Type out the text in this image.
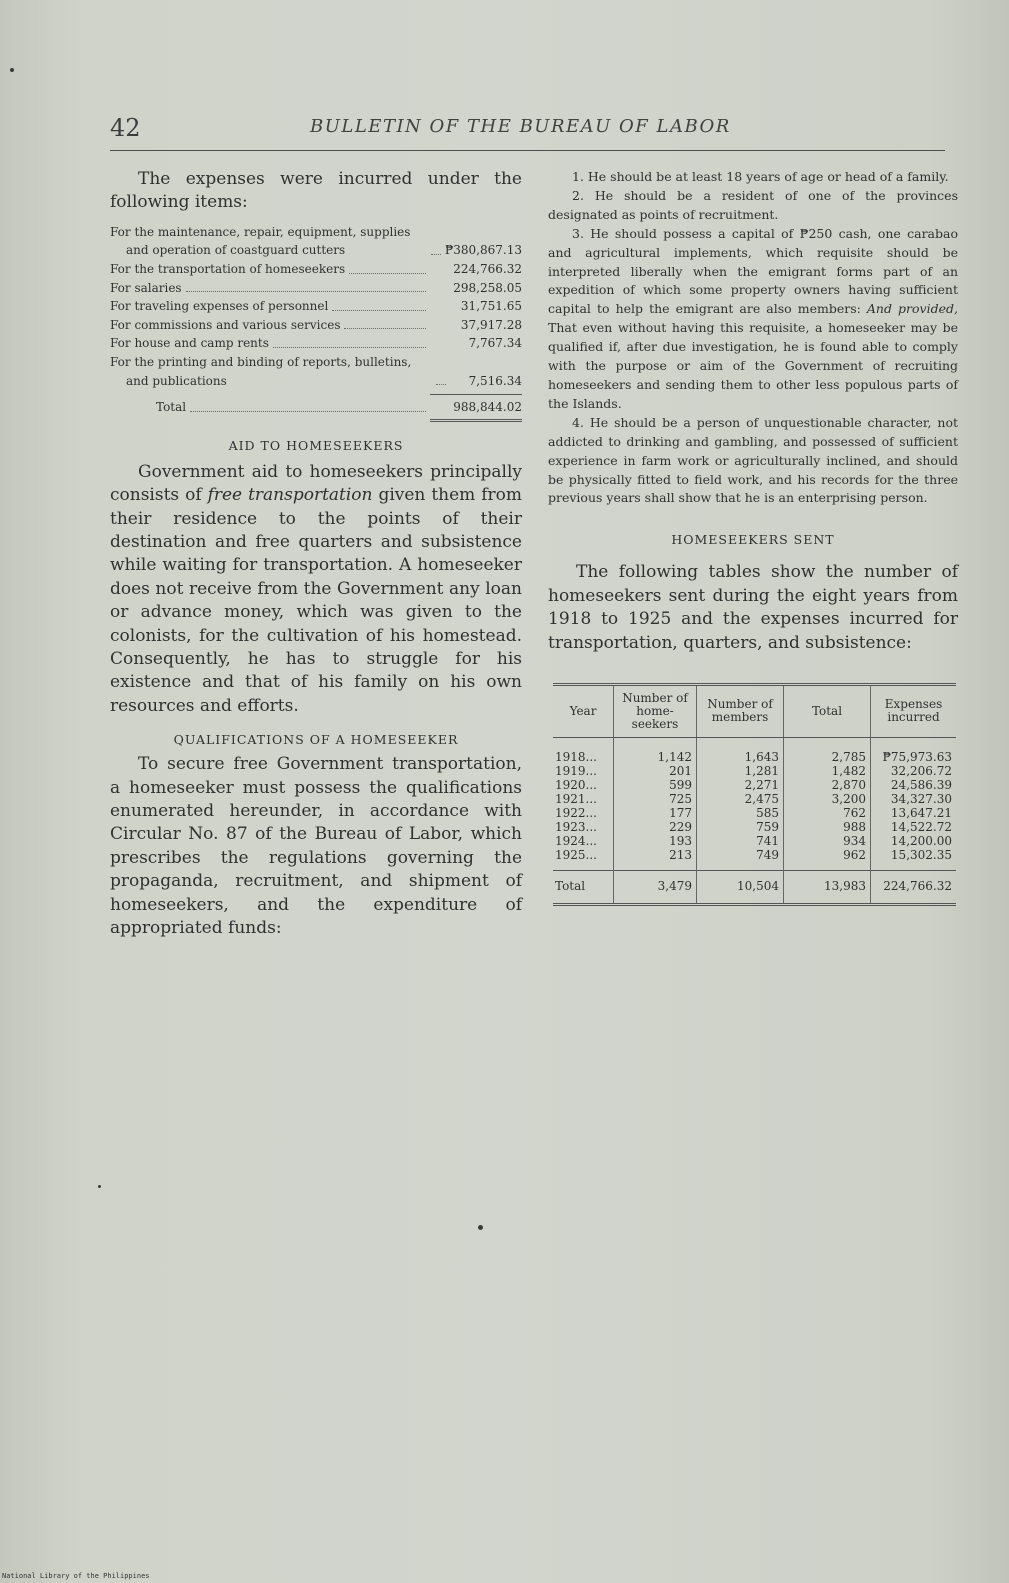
42	BULLETIN OF THE BUREAU OF LABOR

The expenses were incurred under the following items:

For the maintenance, repair, equipment, supplies and operation of coastguard cutters	₱380,867.13
For the transportation of homeseekers	224,766.32
For salaries	298,258.05
For traveling expenses of personnel	31,751.65
For commissions and various services	37,917.28
For house and camp rents	7,767.34
For the printing and binding of reports, bulletins, and publications	7,516.34
Total	988,844.02

AID TO HOMESEEKERS

Government aid to homeseekers principally consists of free transportation given them from their residence to the points of their destination and free quarters and subsistence while waiting for transportation. A homeseeker does not receive from the Government any loan or advance money, which was given to the colonists, for the cultivation of his homestead. Consequently, he has to struggle for his existence and that of his family on his own resources and efforts.

QUALIFICATIONS OF A HOMESEEKER

To secure free Government transportation, a homeseeker must possess the qualifications enumerated hereunder, in accordance with Circular No. 87 of the Bureau of Labor, which prescribes the regulations governing the propaganda, recruitment, and shipment of homeseekers, and the expenditure of appropriated funds:

1. He should be at least 18 years of age or head of a family.

2. He should be a resident of one of the provinces designated as points of recruitment.

3. He should possess a capital of ₱250 cash, one carabao and agricultural implements, which requisite should be interpreted liberally when the emigrant forms part of an expedition of which some property owners having sufficient capital to help the emigrant are also members: And provided, That even without having this requisite, a homeseeker may be qualified if, after due investigation, he is found able to comply with the purpose or aim of the Government of recruiting homeseekers and sending them to other less populous parts of the Islands.

4. He should be a person of unquestionable character, not addicted to drinking and gambling, and possessed of sufficient experience in farm work or agriculturally inclined, and should be physically fitted to field work, and his records for the three previous years shall show that he is an enterprising person.

HOMESEEKERS SENT

The following tables show the number of homeseekers sent during the eight years from 1918 to 1925 and the expenses incurred for transportation, quarters, and subsistence:

Year	Number of home-seekers	Number of members	Total	Expenses incurred
1918...	1,142	1,643	2,785	₱75,973.63
1919...	201	1,281	1,482	32,206.72
1920...	599	2,271	2,870	24,586.39
1921...	725	2,475	3,200	34,327.30
1922...	177	585	762	13,647.21
1923...	229	759	988	14,522.72
1924...	193	741	934	14,200.00
1925...	213	749	962	15,302.35
Total	3,479	10,504	13,983	224,766.32
National Library of the Philippines
